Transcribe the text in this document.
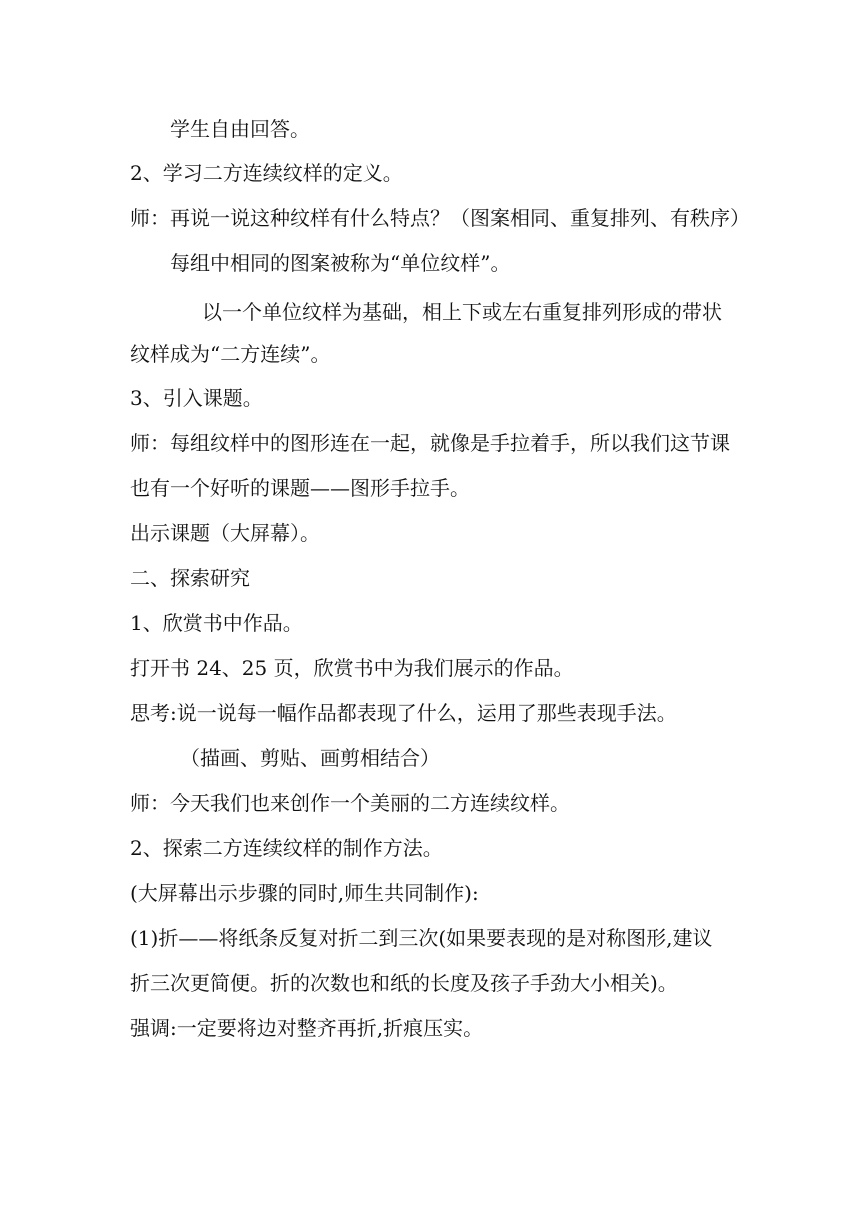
学生自由回答。
2、学习二方连续纹样的定义。
师：再说一说这种纹样有什么特点？（图案相同、重复排列、有秩序）
每组中相同的图案被称为“单位纹样”。
以一个单位纹样为基础，相上下或左右重复排列形成的带状
纹样成为“二方连续”。
3、引入课题。
师：每组纹样中的图形连在一起，就像是手拉着手，所以我们这节课
也有一个好听的课题——图形手拉手。
出示课题（大屏幕）。
二、探索研究
1、欣赏书中作品。
打开书 24、25 页，欣赏书中为我们展示的作品。
思考:说一说每一幅作品都表现了什么，运用了那些表现手法。
（描画、剪贴、画剪相结合）
师：今天我们也来创作一个美丽的二方连续纹样。
2、探索二方连续纹样的制作方法。
(大屏幕出示步骤的同时,师生共同制作):
(1)折——将纸条反复对折二到三次(如果要表现的是对称图形,建议
折三次更简便。折的次数也和纸的长度及孩子手劲大小相关)。
强调:一定要将边对整齐再折,折痕压实。
